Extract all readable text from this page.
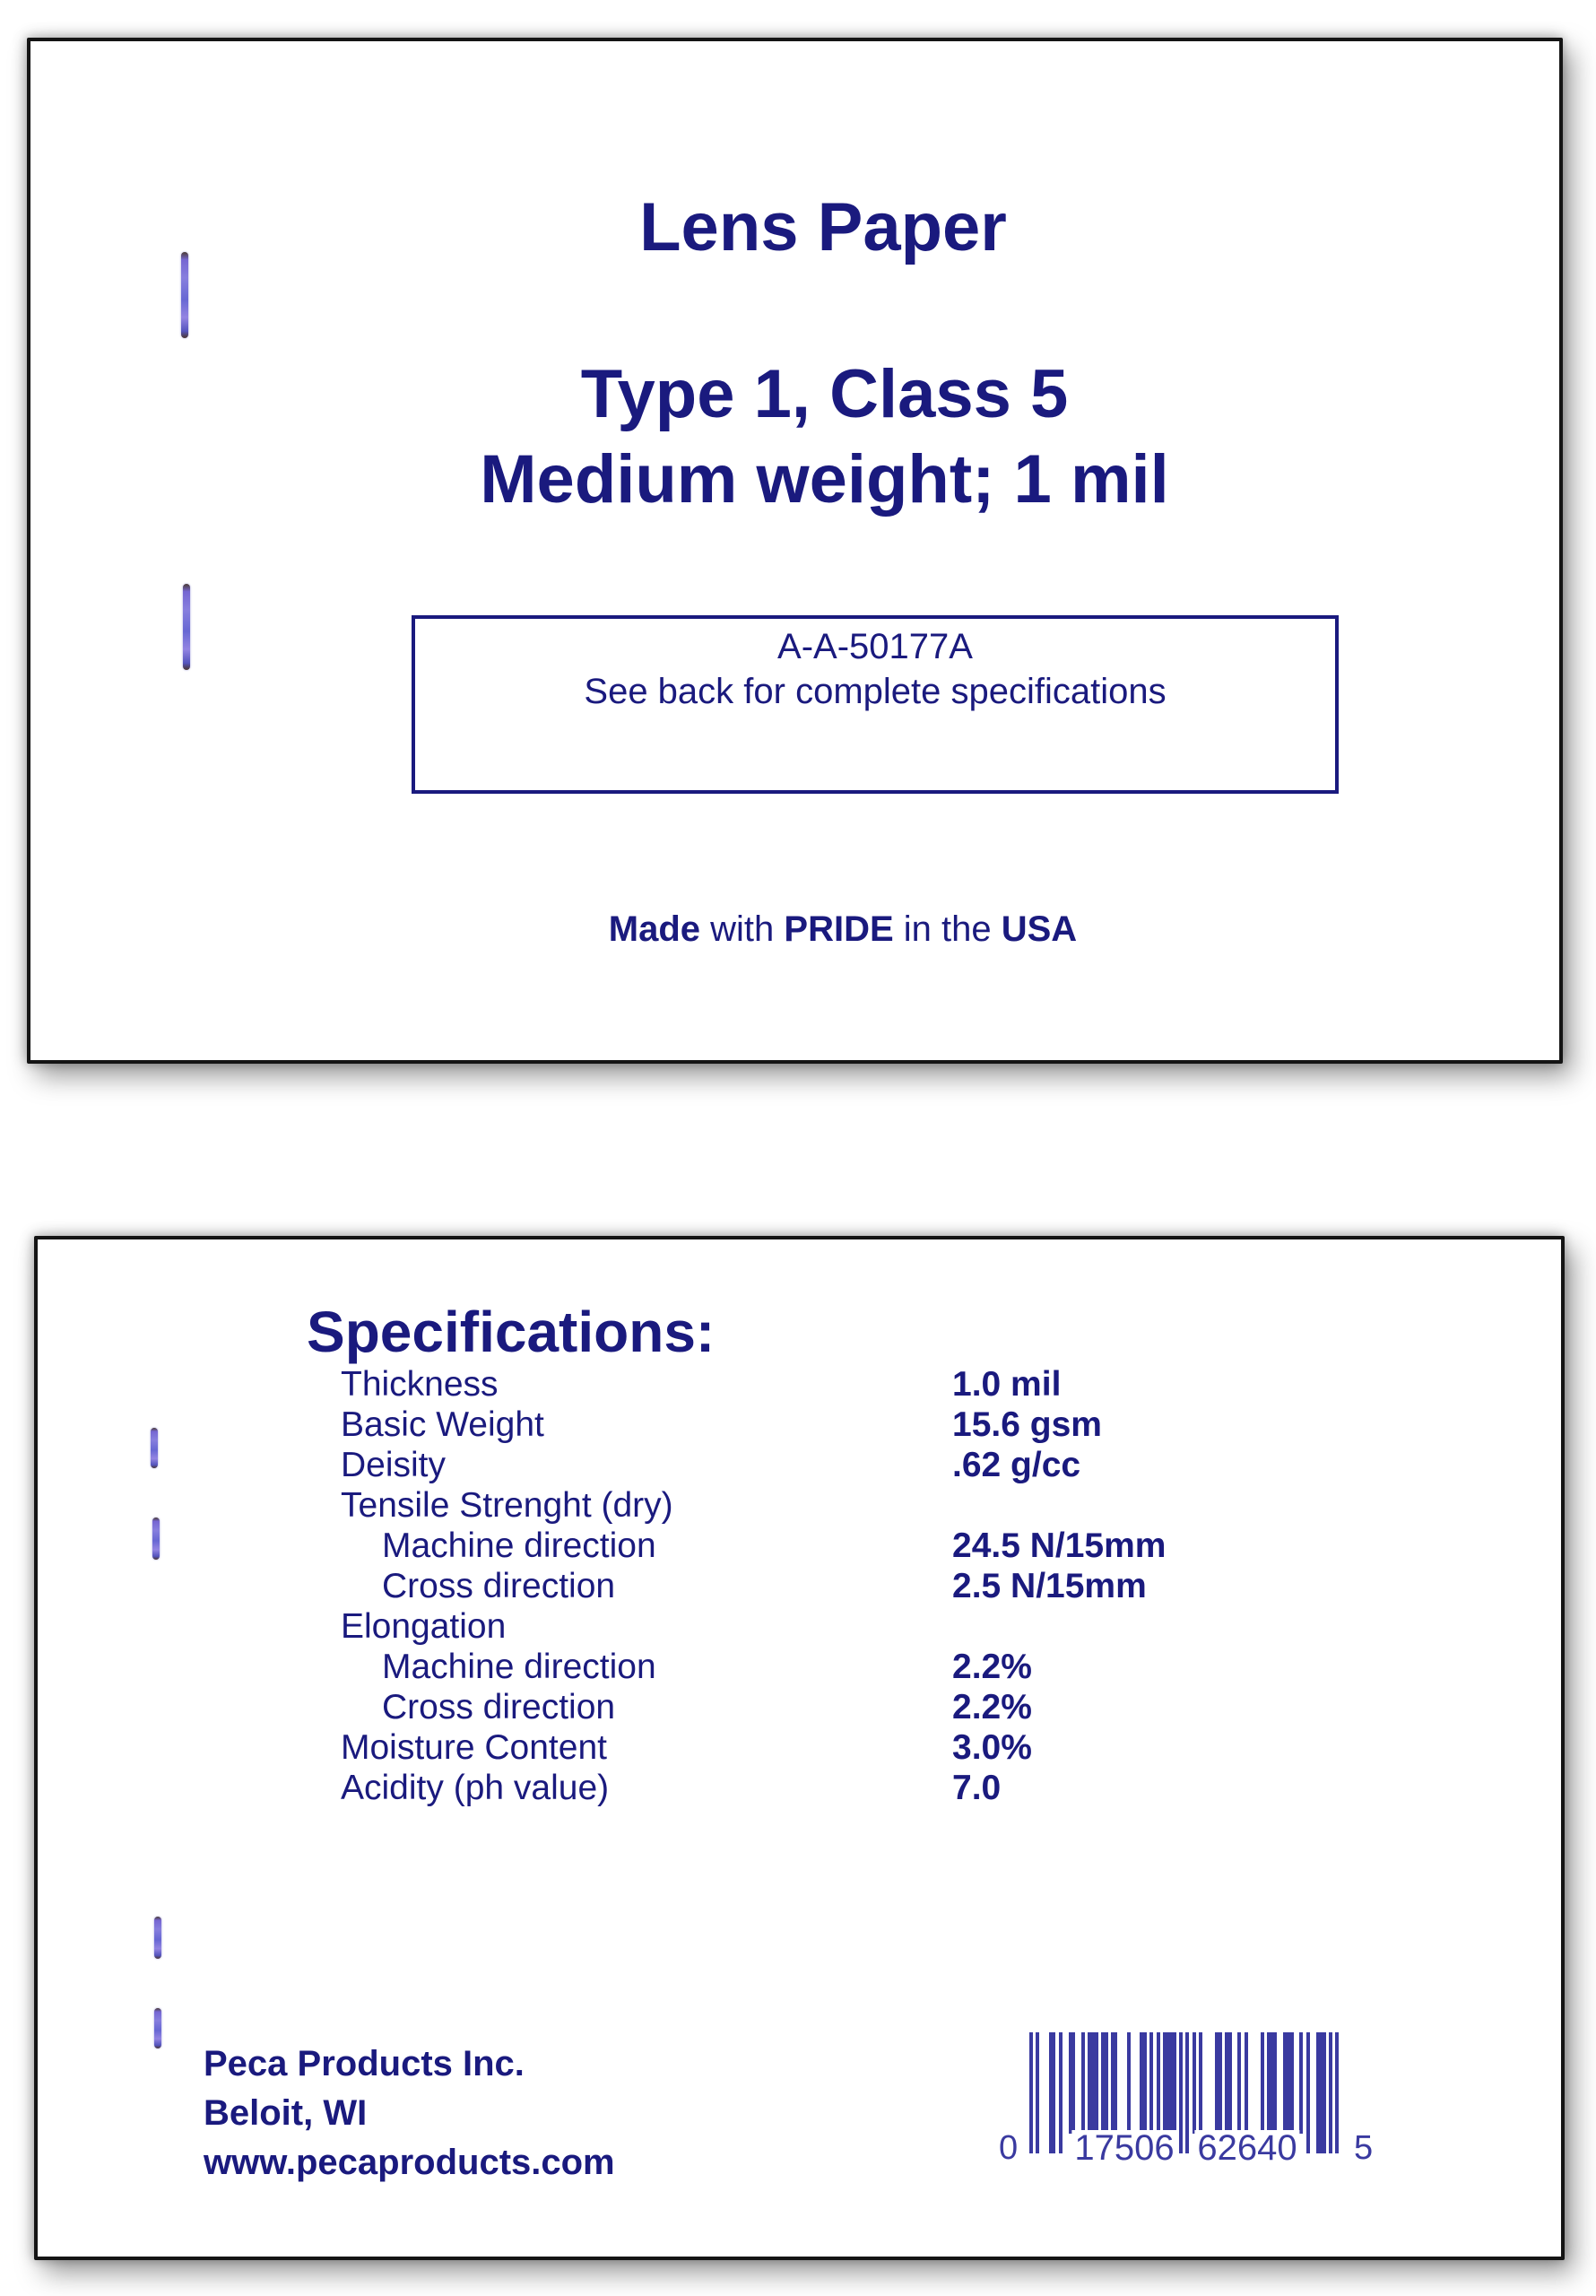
Lens Paper
Type 1, Class 5
Medium weight; 1 mil
A-A-50177A
See back for complete specifications
Made with PRIDE in the USA
Specifications:
Thickness	1.0 mil
Basic Weight	15.6 gsm
Deisity	.62 g/cc
Tensile Strenght (dry)
Machine direction	24.5 N/15mm
Cross direction	2.5 N/15mm
Elongation
Machine direction	2.2%
Cross direction	2.2%
Moisture Content	3.0%
Acidity (ph value)	7.0
Peca Products Inc.
Beloit, WI
www.pecaproducts.com	0 17506 62640 5
